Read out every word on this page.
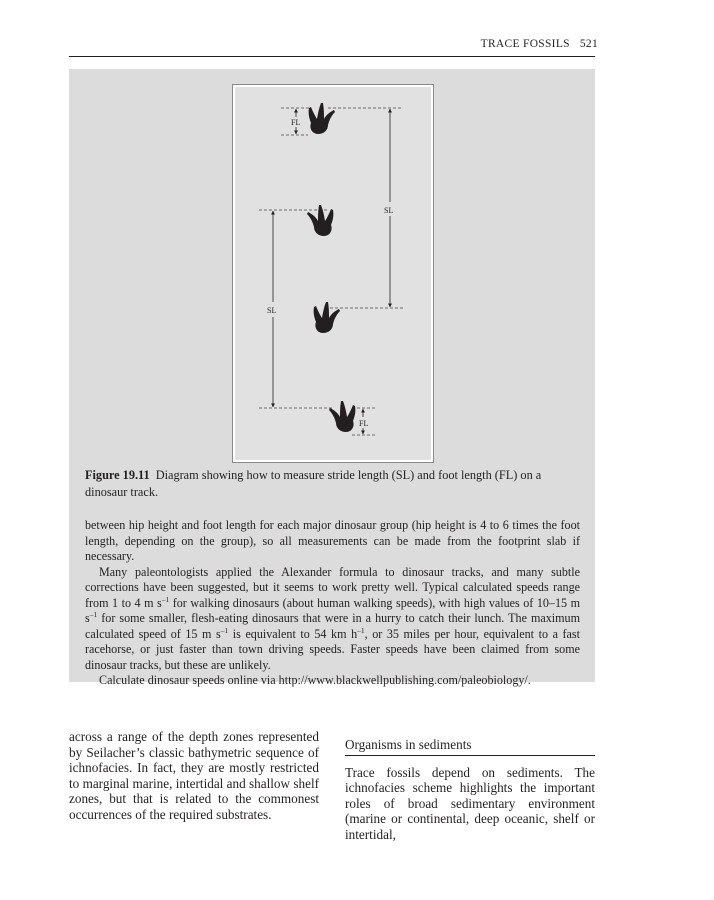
TRACE FOSSILS 521
FL
SL
SL
FL
Figure 19.11 Diagram showing how to measure stride length (SL) and foot length (FL) on a dinosaur track.

between hip height and foot length for each major dinosaur group (hip height is 4 to 6 times the foot length, depending on the group), so all measurements can be made from the footprint slab if necessary.

Many paleontologists applied the Alexander formula to dinosaur tracks, and many subtle corrections have been suggested, but it seems to work pretty well. Typical calculated speeds range from 1 to 4 m $s^{-1}$ for walking dinosaurs (about human walking speeds), with high values of 10–15 m $s^{-1}$ for some smaller, flesh-eating dinosaurs that were in a hurry to catch their lunch. The maximum calculated speed of 15 m $s^{-1}$ is equivalent to 54 km $h^{-1}$, or 35 miles per hour, equivalent to a fast racehorse, or just faster than town driving speeds. Faster speeds have been claimed from some dinosaur tracks, but these are unlikely.

Calculate dinosaur speeds online via http://www.blackwellpublishing.com/paleobiology/.

across a range of the depth zones represented by Seilacher’s classic bathymetric sequence of ichnofacies. In fact, they are mostly restricted to marginal marine, intertidal and shallow shelf zones, but that is related to the commonest occurrences of the required substrates.

Organisms in sediments

Trace fossils depend on sediments. The ichnofacies scheme highlights the important roles of broad sedimentary environment (marine or continental, deep oceanic, shelf or intertidal,
